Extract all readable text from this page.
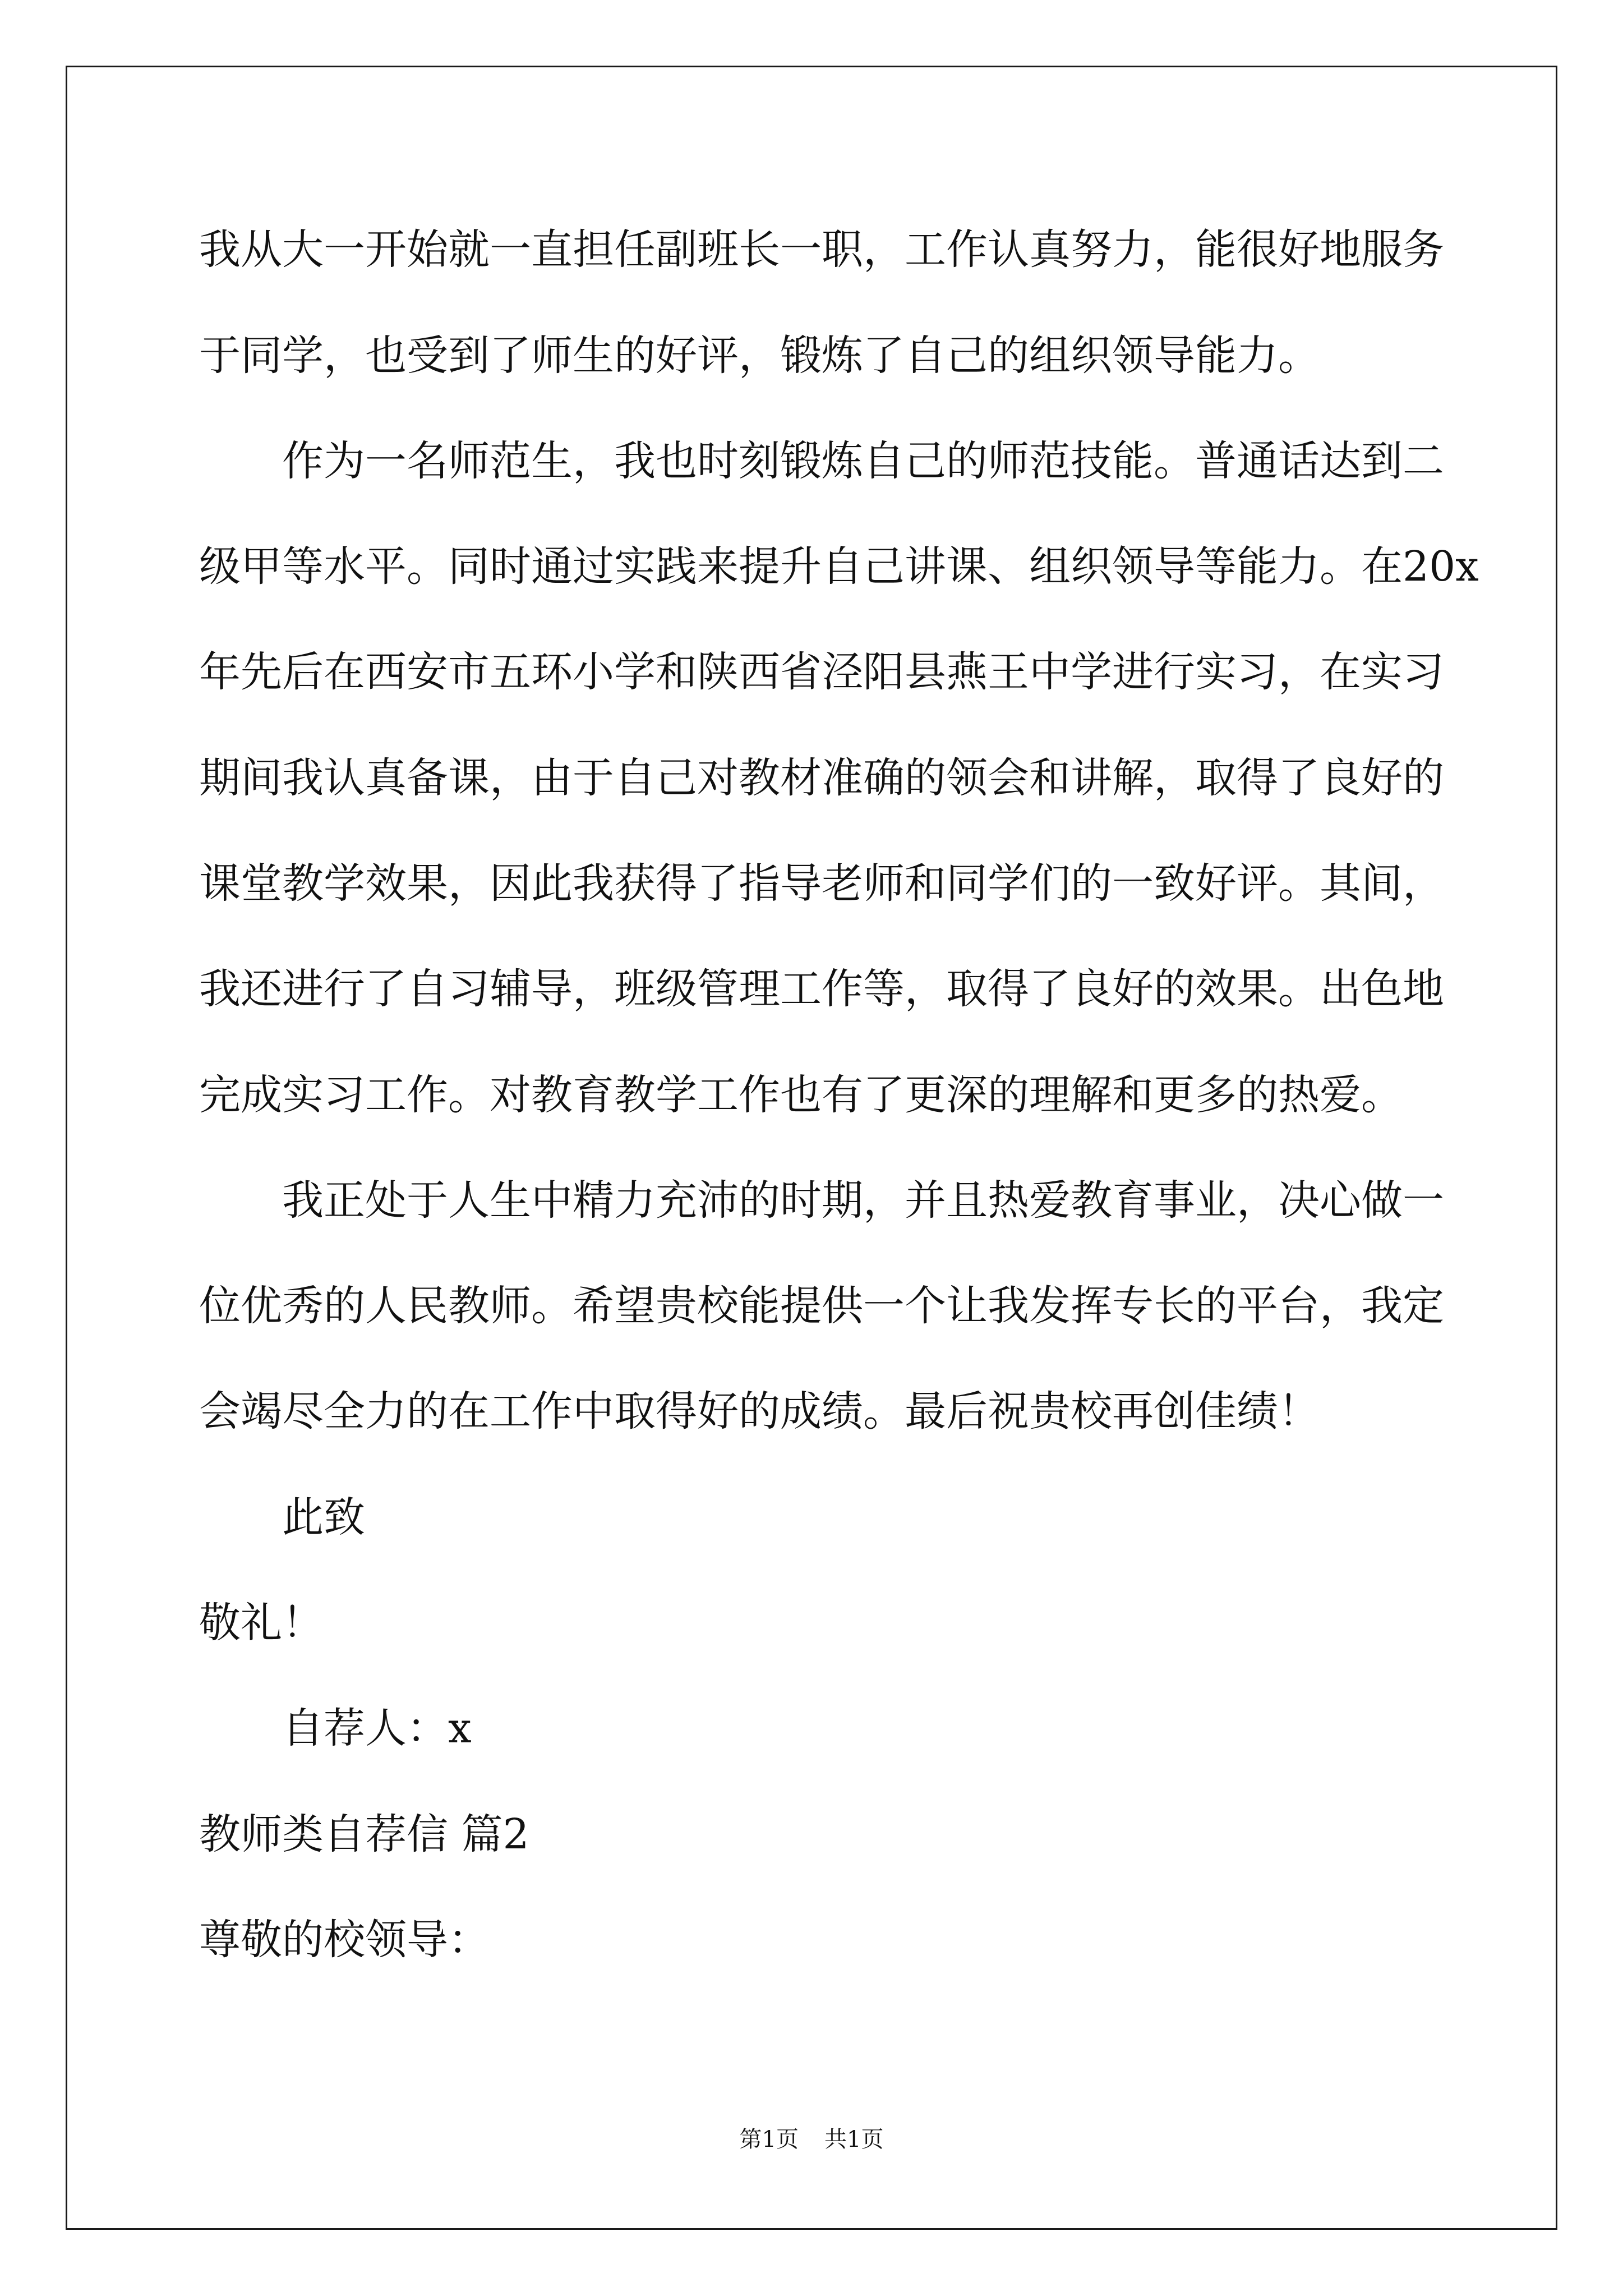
我从大一开始就一直担任副班长一职，工作认真努力，能很好地服务
于同学，也受到了师生的好评，锻炼了自己的组织领导能力。
作为一名师范生，我也时刻锻炼自己的师范技能。普通话达到二
级甲等水平。同时通过实践来提升自己讲课、组织领导等能力。在20x
年先后在西安市五环小学和陕西省泾阳县燕王中学进行实习，在实习
期间我认真备课，由于自己对教材准确的领会和讲解，取得了良好的
课堂教学效果，因此我获得了指导老师和同学们的一致好评。其间，
我还进行了自习辅导，班级管理工作等，取得了良好的效果。出色地
完成实习工作。对教育教学工作也有了更深的理解和更多的热爱。
我正处于人生中精力充沛的时期，并且热爱教育事业，决心做一
位优秀的人民教师。希望贵校能提供一个让我发挥专长的平台，我定
会竭尽全力的在工作中取得好的成绩。最后祝贵校再创佳绩！
此致
敬礼！
自荐人：x
教师类自荐信 篇2
尊敬的校领导：
第1页 共1页
